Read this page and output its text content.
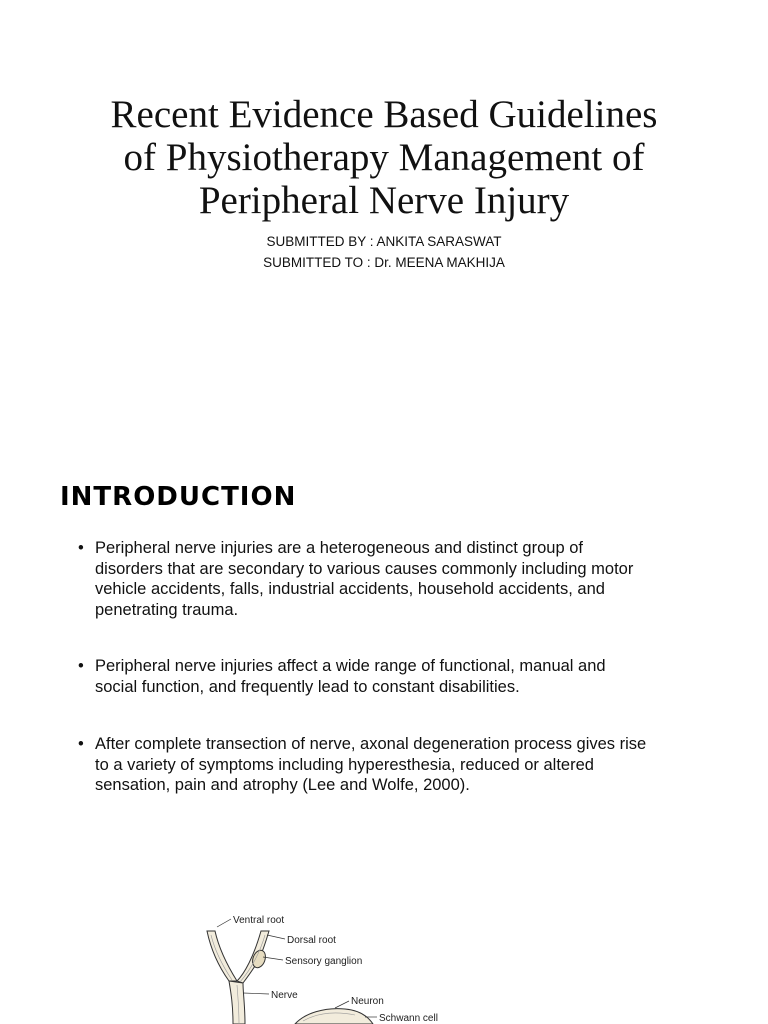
Recent Evidence Based Guidelines
of Physiotherapy Management of
Peripheral Nerve Injury
SUBMITTED BY : ANKITA SARASWAT
SUBMITTED TO : Dr. MEENA MAKHIJA
INTRODUCTION
• Peripheral nerve injuries are a heterogeneous and distinct group of disorders that are secondary to various causes commonly including motor vehicle accidents, falls, industrial accidents, household accidents, and penetrating trauma.
• Peripheral nerve injuries affect a wide range of functional, manual and social function, and frequently lead to constant disabilities.
• After complete transection of nerve, axonal degeneration process gives rise to a variety of symptoms including hyperesthesia, reduced or altered sensation, pain and atrophy (Lee and Wolfe, 2000).
Ventral root
Dorsal root
Sensory ganglion
Nerve
Neuron
Schwann cell
